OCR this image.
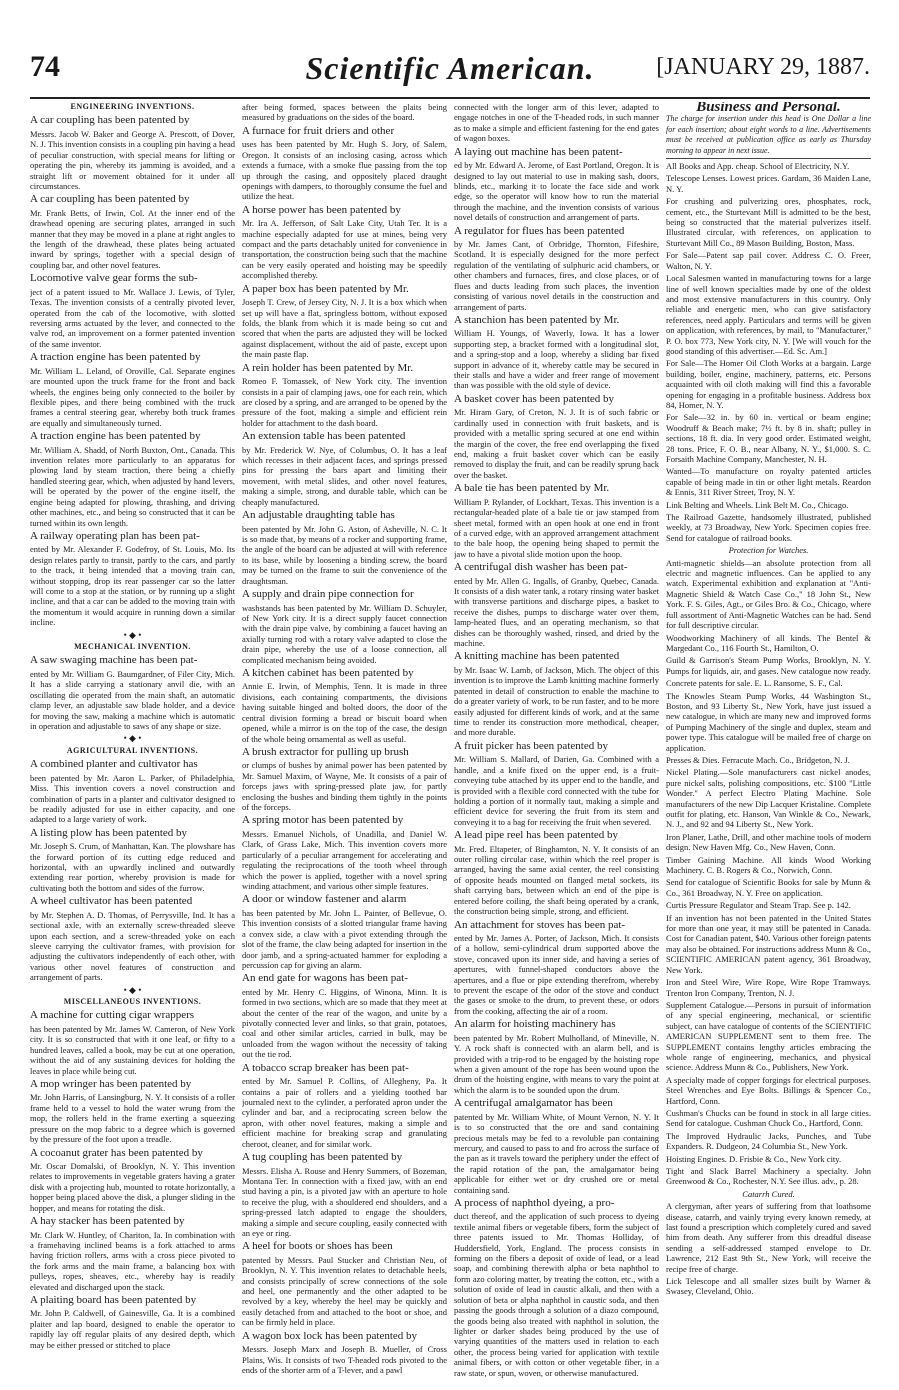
74	Scientific American.	[JANUARY 29, 1887.

ENGINEERING INVENTIONS.

A car coupling has been patented by

Messrs. Jacob W. Baker and George A. Prescott, of Dover, N. J. This invention consists in a coupling pin having a head of peculiar construction, with special means for lifting or operating the pin, whereby its jamming is avoided, and a straight lift or movement obtained for it under all circumstances.

A car coupling has been patented by

Mr. Frank Betts, of Irwin, Col. At the inner end of the drawhead opening are securing plates, arranged in such manner that they may be moved in a plane at right angles to the length of the drawhead, these plates being actuated inward by springs, together with a special design of coupling bar, and other novel features.

Locomotive valve gear forms the sub-

ject of a patent issued to Mr. Wallace J. Lewis, of Tyler, Texas. The invention consists of a centrally pivoted lever, operated from the cab of the locomotive, with slotted reversing arms actuated by the lever, and connected to the valve rod, an improvement on a former patented invention of the same inventor.

A traction engine has been patented by

Mr. William L. Leland, of Oroville, Cal. Separate engines are mounted upon the truck frame for the front and back wheels, the engines being only connected to the boiler by flexible pipes, and there being combined with the truck frames a central steering gear, whereby both truck frames are equally and simultaneously turned.

A traction engine has been patented by

Mr. William A. Shadd, of North Buxton, Ont., Canada. This invention relates more particularly to an apparatus for plowing land by steam traction, there being a chiefly handled steering gear, which, when adjusted by hand levers, will be operated by the power of the engine itself, the engine being adapted for plowing, thrashing, and driving other machines, etc., and being so constructed that it can be turned within its own length.

A railway operating plan has been pat-

ented by Mr. Alexander F. Godefroy, of St. Louis, Mo. Its design relates partly to transit, partly to the cars, and partly to the track, it being intended that a moving train can, without stopping, drop its rear passenger car so the latter will come to a stop at the station, or by running up a slight incline, and that a car can be added to the moving train with the momentum it would acquire in running down a similar incline.

• ◆ •

MECHANICAL INVENTION.

A saw swaging machine has been pat-

ented by Mr. William G. Baumgardner, of Filer City, Mich. It has a slide carrying a stationary anvil die, with an oscillating die operated from the main shaft, an automatic clamp lever, an adjustable saw blade holder, and a device for moving the saw, making a machine which is automatic in operation and adjustable to saws of any shape or size.

• ◆ •

AGRICULTURAL INVENTIONS.

A combined planter and cultivator has

been patented by Mr. Aaron L. Parker, of Philadelphia, Miss. This invention covers a novel construction and combination of parts in a planter and cultivator designed to be readily adjusted for use in either capacity, and one adapted to a large variety of work.

A listing plow has been patented by

Mr. Joseph S. Crum, of Manhattan, Kan. The plowshare has the forward portion of its cutting edge reduced and horizontal, with an upwardly inclined and outwardly extending rear portion, whereby provision is made for cultivating both the bottom and sides of the furrow.

A wheel cultivator has been patented

by Mr. Stephen A. D. Thomas, of Perrysville, Ind. It has a sectional axle, with an externally screw-threaded sleeve upon each section, and a screw-threaded yoke on each sleeve carrying the cultivator frames, with provision for adjusting the cultivators independently of each other, with various other novel features of construction and arrangement of parts.

• ◆ •

MISCELLANEOUS INVENTIONS.

A machine for cutting cigar wrappers

has been patented by Mr. James W. Cameron, of New York city. It is so constructed that with it one leaf, or fifty to a hundred leaves, called a book, may be cut at one operation, without the aid of any sustaining devices for holding the leaves in place while being cut.

A mop wringer has been patented by

Mr. John Harris, of Lansingburg, N. Y. It consists of a roller frame held to a vessel to hold the water wrung from the mop, the rollers held in the frame exerting a squeezing pressure on the mop fabric to a degree which is governed by the pressure of the foot upon a treadle.

A cocoanut grater has been patented by

Mr. Oscar Domalski, of Brooklyn, N. Y. This invention relates to improvements in vegetable graters having a grater disk with a projecting hub, mounted to rotate horizontally, a hopper being placed above the disk, a plunger sliding in the hopper, and means for rotating the disk.

A hay stacker has been patented by

Mr. Clark W. Huntley, of Chariton, Ia. In combination with a framehaving inclined beams is a fork attached to arms having friction rollers, arms with a cross piece pivoted to the fork arms and the main frame, a balancing box with pulleys, ropes, sheaves, etc., whereby hay is readily elevated and discharged upon the stack.

A plaiting board has been patented by

Mr. John P. Caldwell, of Gainesville, Ga. It is a combined plaiter and lap board, designed to enable the operator to rapidly lay off regular plaits of any desired depth, which may be either pressed or stitched to place

after being formed, spaces between the plaits being measured by graduations on the sides of the board.

A furnace for fruit driers and other

uses has been patented by Mr. Hugh S. Jory, of Salem, Oregon. It consists of an inclosing casing, across which extends a furnace, with a smoke flue passing from the top up through the casing, and oppositely placed draught openings with dampers, to thoroughly consume the fuel and utilize the heat.

A horse power has been patented by

Mr. Ira A. Jefferson, of Salt Lake City, Utah Ter. It is a machine especially adapted for use at mines, being very compact and the parts detachably united for convenience in transportation, the construction being such that the machine can be very easily operated and hoisting may be speedily accomplished thereby.

A paper box has been patented by Mr.

Joseph T. Crew, of Jersey City, N. J. It is a box which when set up will have a flat, springless bottom, without exposed folds, the blank from which it is made being so cut and scored that when the parts are adjusted they will be locked against displacement, without the aid of paste, except upon the main paste flap.

A rein holder has been patented by Mr.

Romeo F. Tomassek, of New York city. The invention consists in a pair of clamping jaws, one for each rein, which are closed by a spring, and are arranged to be opened by the pressure of the foot, making a simple and efficient rein holder for attachment to the dash board.

An extension table has been patented

by Mr. Frederick W. Nye, of Columbus, O. It has a leaf which recesses in their adjacent faces, and springs pressed pins for pressing the bars apart and limiting their movement, with metal slides, and other novel features, making a simple, strong, and durable table, which can be cheaply manufactured.

An adjustable draughting table has

been patented by Mr. John G. Aston, of Asheville, N. C. It is so made that, by means of a rocker and supporting frame, the angle of the board can be adjusted at will with reference to its base, while by loosening a binding screw, the board may be turned on the frame to suit the convenience of the draughtsman.

A supply and drain pipe connection for

washstands has been patented by Mr. William D. Schuyler, of New York city. It is a direct supply faucet connection with the drain pipe valve, by combining a faucet having an axially turning rod with a rotary valve adapted to close the drain pipe, whereby the use of a loose connection, all complicated mechanism being avoided.

A kitchen cabinet has been patented by

Annie E. Irwin, of Memphis, Tenn. It is made in three divisions, each containing compartments, the divisions having suitable hinged and bolted doors, the door of the central division forming a bread or biscuit board when opened, while a mirror is on the top of the case, the design of the whole being ornamental as well as useful.

A brush extractor for pulling up brush

or clumps of bushes by animal power has been patented by Mr. Samuel Maxim, of Wayne, Me. It consists of a pair of forceps jaws with spring-pressed plate jaw, for partly enclosing the bushes and binding them tightly in the points of the forceps.

A spring motor has been patented by

Messrs. Emanuel Nichols, of Unadilla, and Daniel W. Clark, of Grass Lake, Mich. This invention covers more particularly of a peculiar arrangement for accelerating and regulating the reciprocations of the tooth wheel through which the power is applied, together with a novel spring winding attachment, and various other simple features.

A door or window fastener and alarm

has been patented by Mr. John L. Painter, of Bellevue, O. This invention consists of a slotted triangular frame having a convex side, a claw with a pivot extending through the slot of the frame, the claw being adapted for insertion in the door jamb, and a spring-actuated hammer for exploding a percussion cap for giving an alarm.

An end gate for wagons has been pat-

ented by Mr. Henry C. Higgins, of Winona, Minn. It is formed in two sections, which are so made that they meet at about the center of the rear of the wagon, and unite by a pivotally connected lever and links, so that grain, potatoes, coal and other similar articles, carried in bulk, may be unloaded from the wagon without the necessity of taking out the tie rod.

A tobacco scrap breaker has been pat-

ented by Mr. Samuel P. Collins, of Allegheny, Pa. It contains a pair of rollers and a yielding toothed bar journaled next to the cylinder, a perforated apron under the cylinder and bar, and a reciprocating screen below the apron, with other novel features, making a simple and efficient machine for breaking scrap and granulating cheroot, cleaner, and for similar work.

A tug coupling has been patented by

Messrs. Elisha A. Rouse and Henry Summers, of Bozeman, Montana Ter. In connection with a fixed jaw, with an end stud having a pin, is a pivoted jaw with an aperture to hole to receive the plug, with a shouldered end shoulders, and a spring-pressed latch adapted to engage the shoulders, making a simple and secure coupling, easily connected with an eye or ring.

A heel for boots or shoes has been

patented by Messrs. Paul Stucker and Christian Neu, of Brooklyn, N. Y. This invention relates to detachable heels, and consists principally of screw connections of the sole and heel, one permanently and the other adapted to be revolved by a key, whereby the heel may be quickly and easily detached from and attached to the boot or shoe, and can be firmly held in place.

A wagon box lock has been patented by

Messrs. Joseph Marx and Joseph B. Mueller, of Cross Plains, Wis. It consists of two T-headed rods pivoted to the ends of the shorter arm of a T-lever, and a pawl

connected with the longer arm of this lever, adapted to engage notches in one of the T-headed rods, in such manner as to make a simple and efficient fastening for the end gates of wagon boxes.

A laying out machine has been patent-

ed by Mr. Edward A. Jerome, of East Portland, Oregon. It is designed to lay out material to use in making sash, doors, blinds, etc., marking it to locate the face side and work edge, so the operator will know how to run the material through the machine, and the invention consists of various novel details of construction and arrangement of parts.

A regulator for flues has been patented

by Mr. James Cant, of Orbridge, Thornton, Fifeshire, Scotland. It is especially designed for the more perfect regulation of the ventilating of sulphuric acid chambers, or other chambers and furnaces, fires, and close places, or of flues and ducts leading from such places, the invention consisting of various novel details in the construction and arrangement of parts.

A stanchion has been patented by Mr.

William H. Youngs, of Waverly, Iowa. It has a lower supporting step, a bracket formed with a longitudinal slot, and a spring-stop and a loop, whereby a sliding bar fixed support in advance of it, whereby cattle may be secured in their stalls and have a wider and freer range of movement than was possible with the old style of device.

A basket cover has been patented by

Mr. Hiram Gary, of Creton, N. J. It is of such fabric or cardinally used in connection with fruit baskets, and is provided with a metallic spring secured at one end within the margin of the cover, the free end overlapping the fixed end, making a fruit basket cover which can be easily removed to display the fruit, and can be readily sprung back over the basket.

A bale tie has been patented by Mr.

William P. Rylander, of Lockhart, Texas. This invention is a rectangular-headed plate of a bale tie or jaw stamped from sheet metal, formed with an open hook at one end in front of a curved edge, with an approved arrangement attachment to the bale hoop, the opening being shaped to permit the jaw to have a pivotal slide motion upon the hoop.

A centrifugal dish washer has been pat-

ented by Mr. Allen G. Ingalls, of Granby, Quebec, Canada. It consists of a dish water tank, a rotary rinsing water basket with transverse partitions and discharge pipes, a basket to receive the dishes, pumps to discharge water over them, lamp-heated flues, and an operating mechanism, so that dishes can be thoroughly washed, rinsed, and dried by the machine.

A knitting machine has been patented

by Mr. Isaac W. Lamb, of Jackson, Mich. The object of this invention is to improve the Lamb knitting machine formerly patented in detail of construction to enable the machine to do a greater variety of work, to be run faster, and to be more easily adjusted for different kinds of work, and at the same time to render its construction more methodical, cheaper, and more durable.

A fruit picker has been patented by

Mr. William S. Mallard, of Darien, Ga. Combined with a handle, and a knife fixed on the upper end, is a fruit-conveying tube attached by its upper end to the handle, and is provided with a flexible cord connected with the tube for holding a portion of it normally taut, making a simple and efficient device for severing the fruit from its stem and conveying it to a bag for receiving the fruit when severed.

A lead pipe reel has been patented by

Mr. Fred. Eltapeter, of Binghamton, N. Y. It consists of an outer rolling circular case, within which the reel proper is arranged, having the same axial center, the reel consisting of opposite heads mounted on flanged metal sockets, its shaft carrying bars, between which an end of the pipe is entered before coiling, the shaft being operated by a crank, the construction being simple, strong, and efficient.

An attachment for stoves has been pat-

ented by Mr. James A. Porter, of Jackson, Mich. It consists of a hollow, semi-cylindrical drum supported above the stove, concaved upon its inner side, and having a series of apertures, with funnel-shaped conductors above the apertures, and a flue or pipe extending therefrom, whereby to prevent the escape of the odor of the stove and conduct the gases or smoke to the drum, to prevent these, or odors from the cooking, affecting the air of a room.

An alarm for hoisting machinery has

been patented by Mr. Robert Mulholland, of Mineville, N. Y. A rock shaft is connected with an alarm bell, and is provided with a trip-rod to be engaged by the hoisting rope when a given amount of the rope has been wound upon the drum of the hoisting engine, with means to vary the point at which the alarm is to be sounded upon the drum.

A centrifugal amalgamator has been

patented by Mr. William White, of Mount Vernon, N. Y. It is to so constructed that the ore and sand containing precious metals may be fed to a revoluble pan containing mercury, and caused to pass to and fro across the surface of the pan as it travels toward the periphery under the effect of the rapid rotation of the pan, the amalgamator being applicable for either wet or dry crushed ore or metal containing sand.

A process of naphthol dyeing, a pro-

duct thereof, and the application of such process to dyeing textile animal fibers or vegetable fibers, form the subject of three patents issued to Mr. Thomas Holliday, of Huddersfield, York, England. The process consists in forming on the fibers a deposit of oxide of lead, or a lead soap, and combining therewith alpha or beta naphthol to form azo coloring matter, by treating the cotton, etc., with a solution of oxide of lead in caustic alkali, and then with a solution of beta or alpha naphthol in caustic soda, and then passing the goods through a solution of a diazo compound, the goods being also treated with naphthol in solution, the lighter or darker shades being produced by the use of varying quantities of the matters used in relation to each other, the process being varied for application with textile animal fibers, or with cotton or other vegetable fiber, in a raw state, or spun, woven, or otherwise manufactured.

Business and Personal.

The charge for insertion under this head is One Dollar a line for each insertion; about eight words to a line. Advertisements must be received at publication office as early as Thursday morning to appear in next issue.

All Books and App. cheap. School of Electricity, N.Y.

Telescope Lenses. Lowest prices. Gardam, 36 Maiden Lane, N. Y.

For crushing and pulverizing ores, phosphates, rock, cement, etc., the Sturtevant Mill is admitted to be the best, being so constructed that the material pulverizes itself. Illustrated circular, with references, on application to Sturtevant Mill Co., 89 Mason Building, Boston, Mass.

For Sale—Patent sap pail cover. Address C. O. Freer, Walton, N. Y.

Local Salesmen wanted in manufacturing towns for a large line of well known specialties made by one of the oldest and most extensive manufacturers in this country. Only reliable and energetic men, who can give satisfactory references, need apply. Particulars and terms will be given on application, with references, by mail, to "Manufacturer," P. O. box 773, New York city, N. Y. [We will vouch for the good standing of this advertiser.—Ed. Sc. Am.]

For Sale—The Homer Oil Cloth Works at a bargain. Large building, boiler, engine, machinery, patterns, etc. Persons acquainted with oil cloth making will find this a favorable opening for engaging in a profitable business. Address box 84, Homer, N. Y.

For Sale—32 in. by 60 in. vertical or beam engine; Woodruff & Beach make; 7½ ft. by 8 in. shaft; pulley in sections, 18 ft. dia. In very good order. Estimated weight, 28 tons. Price, F. O. B., near Albany, N. Y., $1,000. S. C. Forsaith Machine Company, Manchester, N. H.

Wanted—To manufacture on royalty patented articles capable of being made in tin or other light metals. Reardon & Ennis, 311 River Street, Troy, N. Y.

Link Belting and Wheels. Link Belt M. Co., Chicago.

The Railroad Gazette, handsomely illustrated, published weekly, at 73 Broadway, New York. Specimen copies free. Send for catalogue of railroad books.

Protection for Watches.

Anti-magnetic shields—an absolute protection from all electric and magnetic influences. Can be applied to any watch. Experimental exhibition and explanation at "Anti-Magnetic Shield & Watch Case Co.," 18 John St., New York. F. S. Giles, Agt., or Giles Bro. & Co., Chicago, where full assortment of Anti-Magnetic Watches can be had. Send for full descriptive circular.

Woodworking Machinery of all kinds. The Bentel & Margedant Co., 116 Fourth St., Hamilton, O.

Guild & Garrison's Steam Pump Works, Brooklyn, N. Y. Pumps for liquids, air, and gases. New catalogue now ready.

Concrete patents for sale. E. L. Ransome, S. F., Cal.

The Knowles Steam Pump Works, 44 Washington St., Boston, and 93 Liberty St., New York, have just issued a new catalogue, in which are many new and improved forms of Pumping Machinery of the single and duplex, steam and power type. This catalogue will be mailed free of charge on application.

Presses & Dies. Ferracute Mach. Co., Bridgeton, N. J.

Nickel Plating.—Sole manufacturers cast nickel anodes, pure nickel salts, polishing compositions, etc. $100 "Little Wonder." A perfect Electro Plating Machine. Sole manufacturers of the new Dip Lacquer Kristaline. Complete outfit for plating, etc. Hanson, Van Winkle & Co., Newark, N. J., and 92 and 94 Liberty St., New York.

Iron Planer, Lathe, Drill, and other machine tools of modern design. New Haven Mfg. Co., New Haven, Conn.

Timber Gaining Machine. All kinds Wood Working Machinery. C. B. Rogers & Co., Norwich, Conn.

Send for catalogue of Scientific Books for sale by Munn & Co., 361 Broadway, N. Y. Free on application.

Curtis Pressure Regulator and Steam Trap. See p. 142.

If an invention has not been patented in the United States for more than one year, it may still be patented in Canada. Cost for Canadian patent, $40. Various other foreign patents may also be obtained. For instructions address Munn & Co., SCIENTIFIC AMERICAN patent agency, 361 Broadway, New York.

Iron and Steel Wire, Wire Rope, Wire Rope Tramways. Trenton Iron Company, Trenton, N. J.

Supplement Catalogue.—Persons in pursuit of information of any special engineering, mechanical, or scientific subject, can have catalogue of contents of the SCIENTIFIC AMERICAN SUPPLEMENT sent to them free. The SUPPLEMENT contains lengthy articles embracing the whole range of engineering, mechanics, and physical science. Address Munn & Co., Publishers, New York.

A specialty made of copper forgings for electrical purposes. Steel Wrenches and Eye Bolts. Billings & Spencer Co., Hartford, Conn.

Cushman's Chucks can be found in stock in all large cities. Send for catalogue. Cushman Chuck Co., Hartford, Conn.

The Improved Hydraulic Jacks, Punches, and Tube Expanders. R. Dudgeon, 24 Columbia St., New York.

Hoisting Engines. D. Frisbie & Co., New York city.

Tight and Slack Barrel Machinery a specialty. John Greenwood & Co., Rochester, N.Y. See illus. adv., p. 28.

Catarrh Cured.

A clergyman, after years of suffering from that loathsome disease, catarrh, and vainly trying every known remedy, at last found a prescription which completely cured and saved him from death. Any sufferer from this dreadful disease sending a self-addressed stamped envelope to Dr. Lawrence, 212 East 9th St., New York, will receive the recipe free of charge.

Lick Telescope and all smaller sizes built by Warner & Swasey, Cleveland, Ohio.
